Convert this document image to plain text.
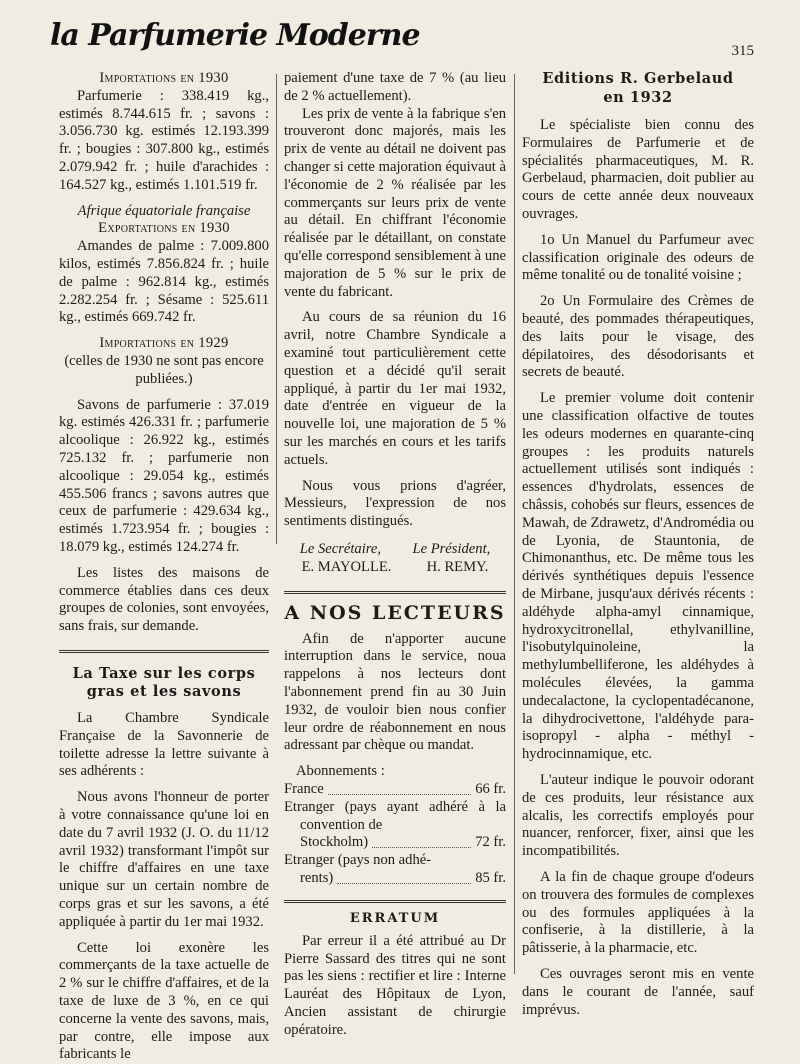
la Parfumerie Moderne	315

Importations en 1930

Parfumerie : 338.419 kg., estimés 8.744.615 fr. ; savons : 3.056.730 kg. estimés 12.193.399 fr. ; bougies : 307.800 kg., estimés 2.079.942 fr. ; huile d'arachides : 164.527 kg., estimés 1.101.519 fr.

Afrique équatoriale française

Exportations en 1930

Amandes de palme : 7.009.800 kilos, estimés 7.856.824 fr. ; huile de palme : 962.814 kg., estimés 2.282.254 fr. ; Sésame : 525.611 kg., estimés 669.742 fr.

Importations en 1929

(celles de 1930 ne sont pas encore publiées.)

Savons de parfumerie : 37.019 kg. estimés 426.331 fr. ; parfumerie alcoolique : 26.922 kg., estimés 725.132 fr. ; parfumerie non alcoolique : 29.054 kg., estimés 455.506 francs ; savons autres que ceux de parfumerie : 429.634 kg., estimés 1.723.954 fr. ; bougies : 18.079 kg., estimés 124.274 fr.

Les listes des maisons de commerce établies dans ces deux groupes de colonies, sont envoyées, sans frais, sur demande.

La Taxe sur les corps

gras et les savons

La Chambre Syndicale Française de la Savonnerie de toilette adresse la lettre suivante à ses adhérents :

Nous avons l'honneur de porter à votre connaissance qu'une loi en date du 7 avril 1932 (J. O. du 11/12 avril 1932) transformant l'impôt sur le chiffre d'affaires en une taxe unique sur un certain nombre de corps gras et sur les savons, a été appliquée à partir du 1er mai 1932.

Cette loi exonère les commerçants de la taxe actuelle de 2 % sur le chiffre d'affaires, et de la taxe de luxe de 3 %, en ce qui concerne la vente des savons, mais, par contre, elle impose aux fabricants le

paiement d'une taxe de 7 % (au lieu de 2 % actuellement).

Les prix de vente à la fabrique s'en trouveront donc majorés, mais les prix de vente au détail ne doivent pas changer si cette majoration équivaut à l'économie de 2 % réalisée par les commerçants sur leurs prix de vente au détail. En chiffrant l'économie réalisée par le détaillant, on constate qu'elle correspond sensiblement à une majoration de 5 % sur le prix de vente du fabricant.

Au cours de sa réunion du 16 avril, notre Chambre Syndicale a examiné tout particulièrement cette question et a décidé qu'il serait appliqué, à partir du 1er mai 1932, date d'entrée en vigueur de la nouvelle loi, une majoration de 5 % sur les marchés en cours et les tarifs actuels.

Nous vous prions d'agréer, Messieurs, l'expression de nos sentiments distingués.

Le Secrétaire, Le Président,
E. MAYOLLE. H. REMY.

A NOS LECTEURS

Afin de n'apporter aucune interruption dans le service, noua rappelons à nos lecteurs dont l'abonnement prend fin au 30 Juin 1932, de vouloir bien nous confier leur ordre de réabonnement en nous adressant par chèque ou mandat.

Abonnements :

France	66 fr.

Etranger (pays ayant adhéré à la convention de

Stockholm)	72 fr.

Etranger (pays non adhé-

rents)	85 fr.

ERRATUM

Par erreur il a été attribué au Dr Pierre Sassard des titres qui ne sont pas les siens : rectifier et lire : Interne Lauréat des Hôpitaux de Lyon, Ancien assistant de chirurgie opératoire.

Editions R. Gerbelaud

en 1932

Le spécialiste bien connu des Formulaires de Parfumerie et de spécialités pharmaceutiques, M. R. Gerbelaud, pharmacien, doit publier au cours de cette année deux nouveaux ouvrages.

1o Un Manuel du Parfumeur avec classification originale des odeurs de même tonalité ou de tonalité voisine ;

2o Un Formulaire des Crèmes de beauté, des pommades thérapeutiques, des laits pour le visage, des dépilatoires, des désodorisants et secrets de beauté.

Le premier volume doit contenir une classification olfactive de toutes les odeurs modernes en quarante-cinq groupes : les produits naturels actuellement utilisés sont indiqués : essences d'hydrolats, essences de châssis, cohobés sur fleurs, essences de Mawah, de Zdrawetz, d'Andromédia ou de Lyonia, de Stauntonia, de Chimonanthus, etc. De même tous les dérivés synthétiques depuis l'essence de Mirbane, jusqu'aux dérivés récents : aldéhyde alpha-amyl cinnamique, hydroxycitronellal, ethylvanilline, l'isobutylquinoleine, la methylumbelliferone, les aldéhydes à molécules élevées, la gamma undecalactone, la cyclopentadécanone, la dihydrocivettone, l'aldéhyde para-isopropyl - alpha - méthyl - hydrocinnamique, etc.

L'auteur indique le pouvoir odorant de ces produits, leur résistance aux alcalis, les correctifs employés pour nuancer, renforcer, fixer, ainsi que les incompatibilités.

A la fin de chaque groupe d'odeurs on trouvera des formules de complexes ou des formules appliquées à la confiserie, à la distillerie, à la pâtisserie, à la pharmacie, etc.

Ces ouvrages seront mis en vente dans le courant de l'année, sauf imprévus.
